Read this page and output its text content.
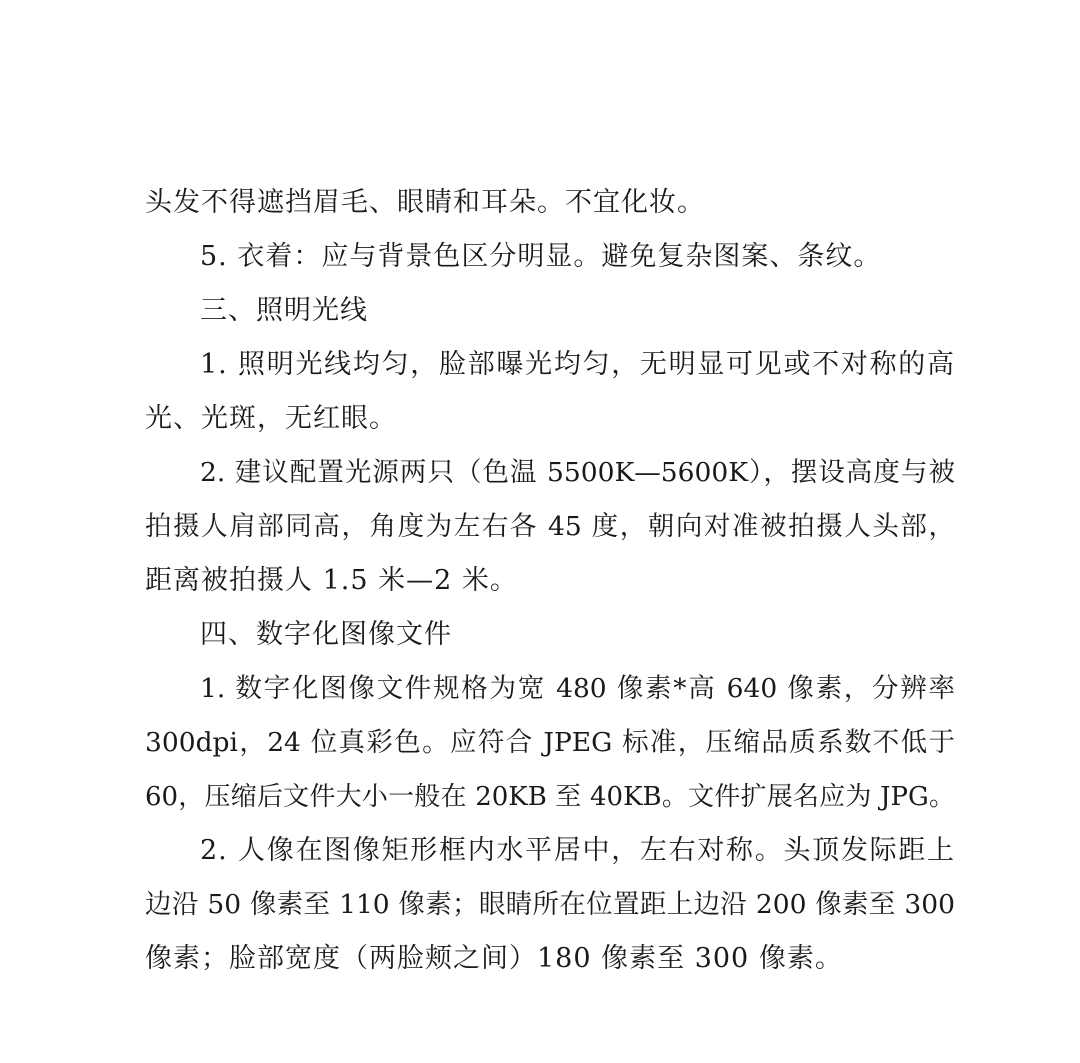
头发不得遮挡眉毛、眼睛和耳朵。不宜化妆。
5. 衣着：应与背景色区分明显。避免复杂图案、条纹。
三、照明光线
1. 照明光线均匀，脸部曝光均匀，无明显可见或不对称的高
光、光斑，无红眼。
2. 建议配置光源两只（色温 5500K—5600K），摆设高度与被
拍摄人肩部同高，角度为左右各 45 度，朝向对准被拍摄人头部，
距离被拍摄人 1.5 米—2 米。
四、数字化图像文件
1. 数字化图像文件规格为宽 480 像素*高 640 像素，分辨率
300dpi，24 位真彩色。应符合 JPEG 标准，压缩品质系数不低于
60，压缩后文件大小一般在 20KB 至 40KB。文件扩展名应为 JPG。
2. 人像在图像矩形框内水平居中，左右对称。头顶发际距上
边沿 50 像素至 110 像素；眼睛所在位置距上边沿 200 像素至 300
像素；脸部宽度（两脸颊之间）180 像素至 300 像素。
